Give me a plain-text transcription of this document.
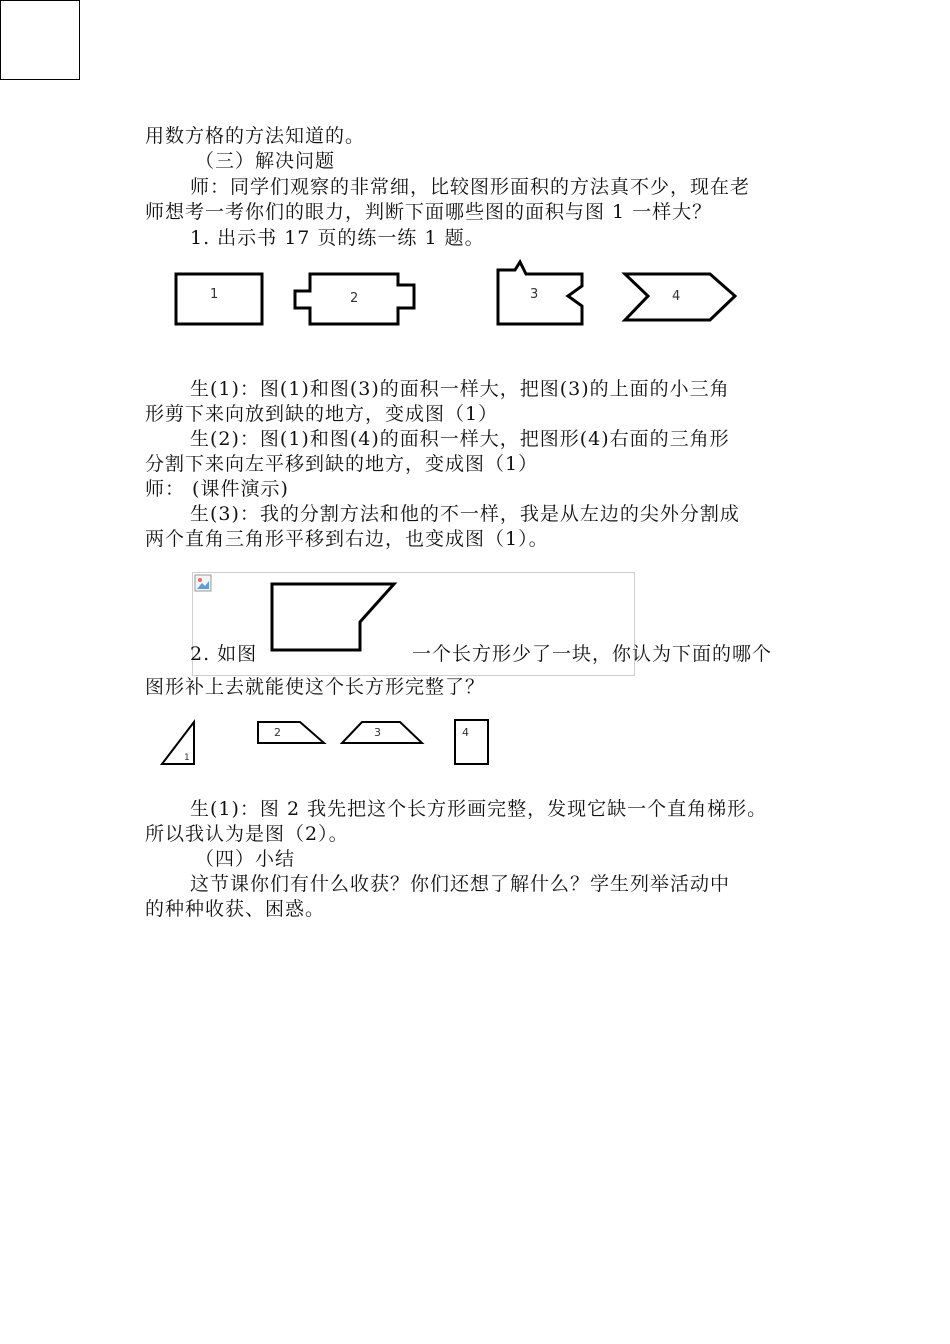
用数方格的方法知道的。
（三）解决问题
师：同学们观察的非常细，比较图形面积的方法真不少，现在老
师想考一考你们的眼力，判断下面哪些图的面积与图 1 一样大？
1. 出示书 17 页的练一练 1 题。
1	2	3	4
生(1)：图(1)和图(3)的面积一样大，把图(3)的上面的小三角
形剪下来向放到缺的地方，变成图（1）
生(2)：图(1)和图(4)的面积一样大，把图形(4)右面的三角形
分割下来向左平移到缺的地方，变成图（1）
师： (课件演示)
生(3)：我的分割方法和他的不一样，我是从左边的尖外分割成
两个直角三角形平移到右边，也变成图（1）。
2. 如图	一个长方形少了一块，你认为下面的哪个
图形补上去就能使这个长方形完整了？
1
2	3	4
生(1)：图 2 我先把这个长方形画完整，发现它缺一个直角梯形。
所以我认为是图（2）。
（四）小结
这节课你们有什么收获？你们还想了解什么？学生列举活动中
的种种收获、困惑。
